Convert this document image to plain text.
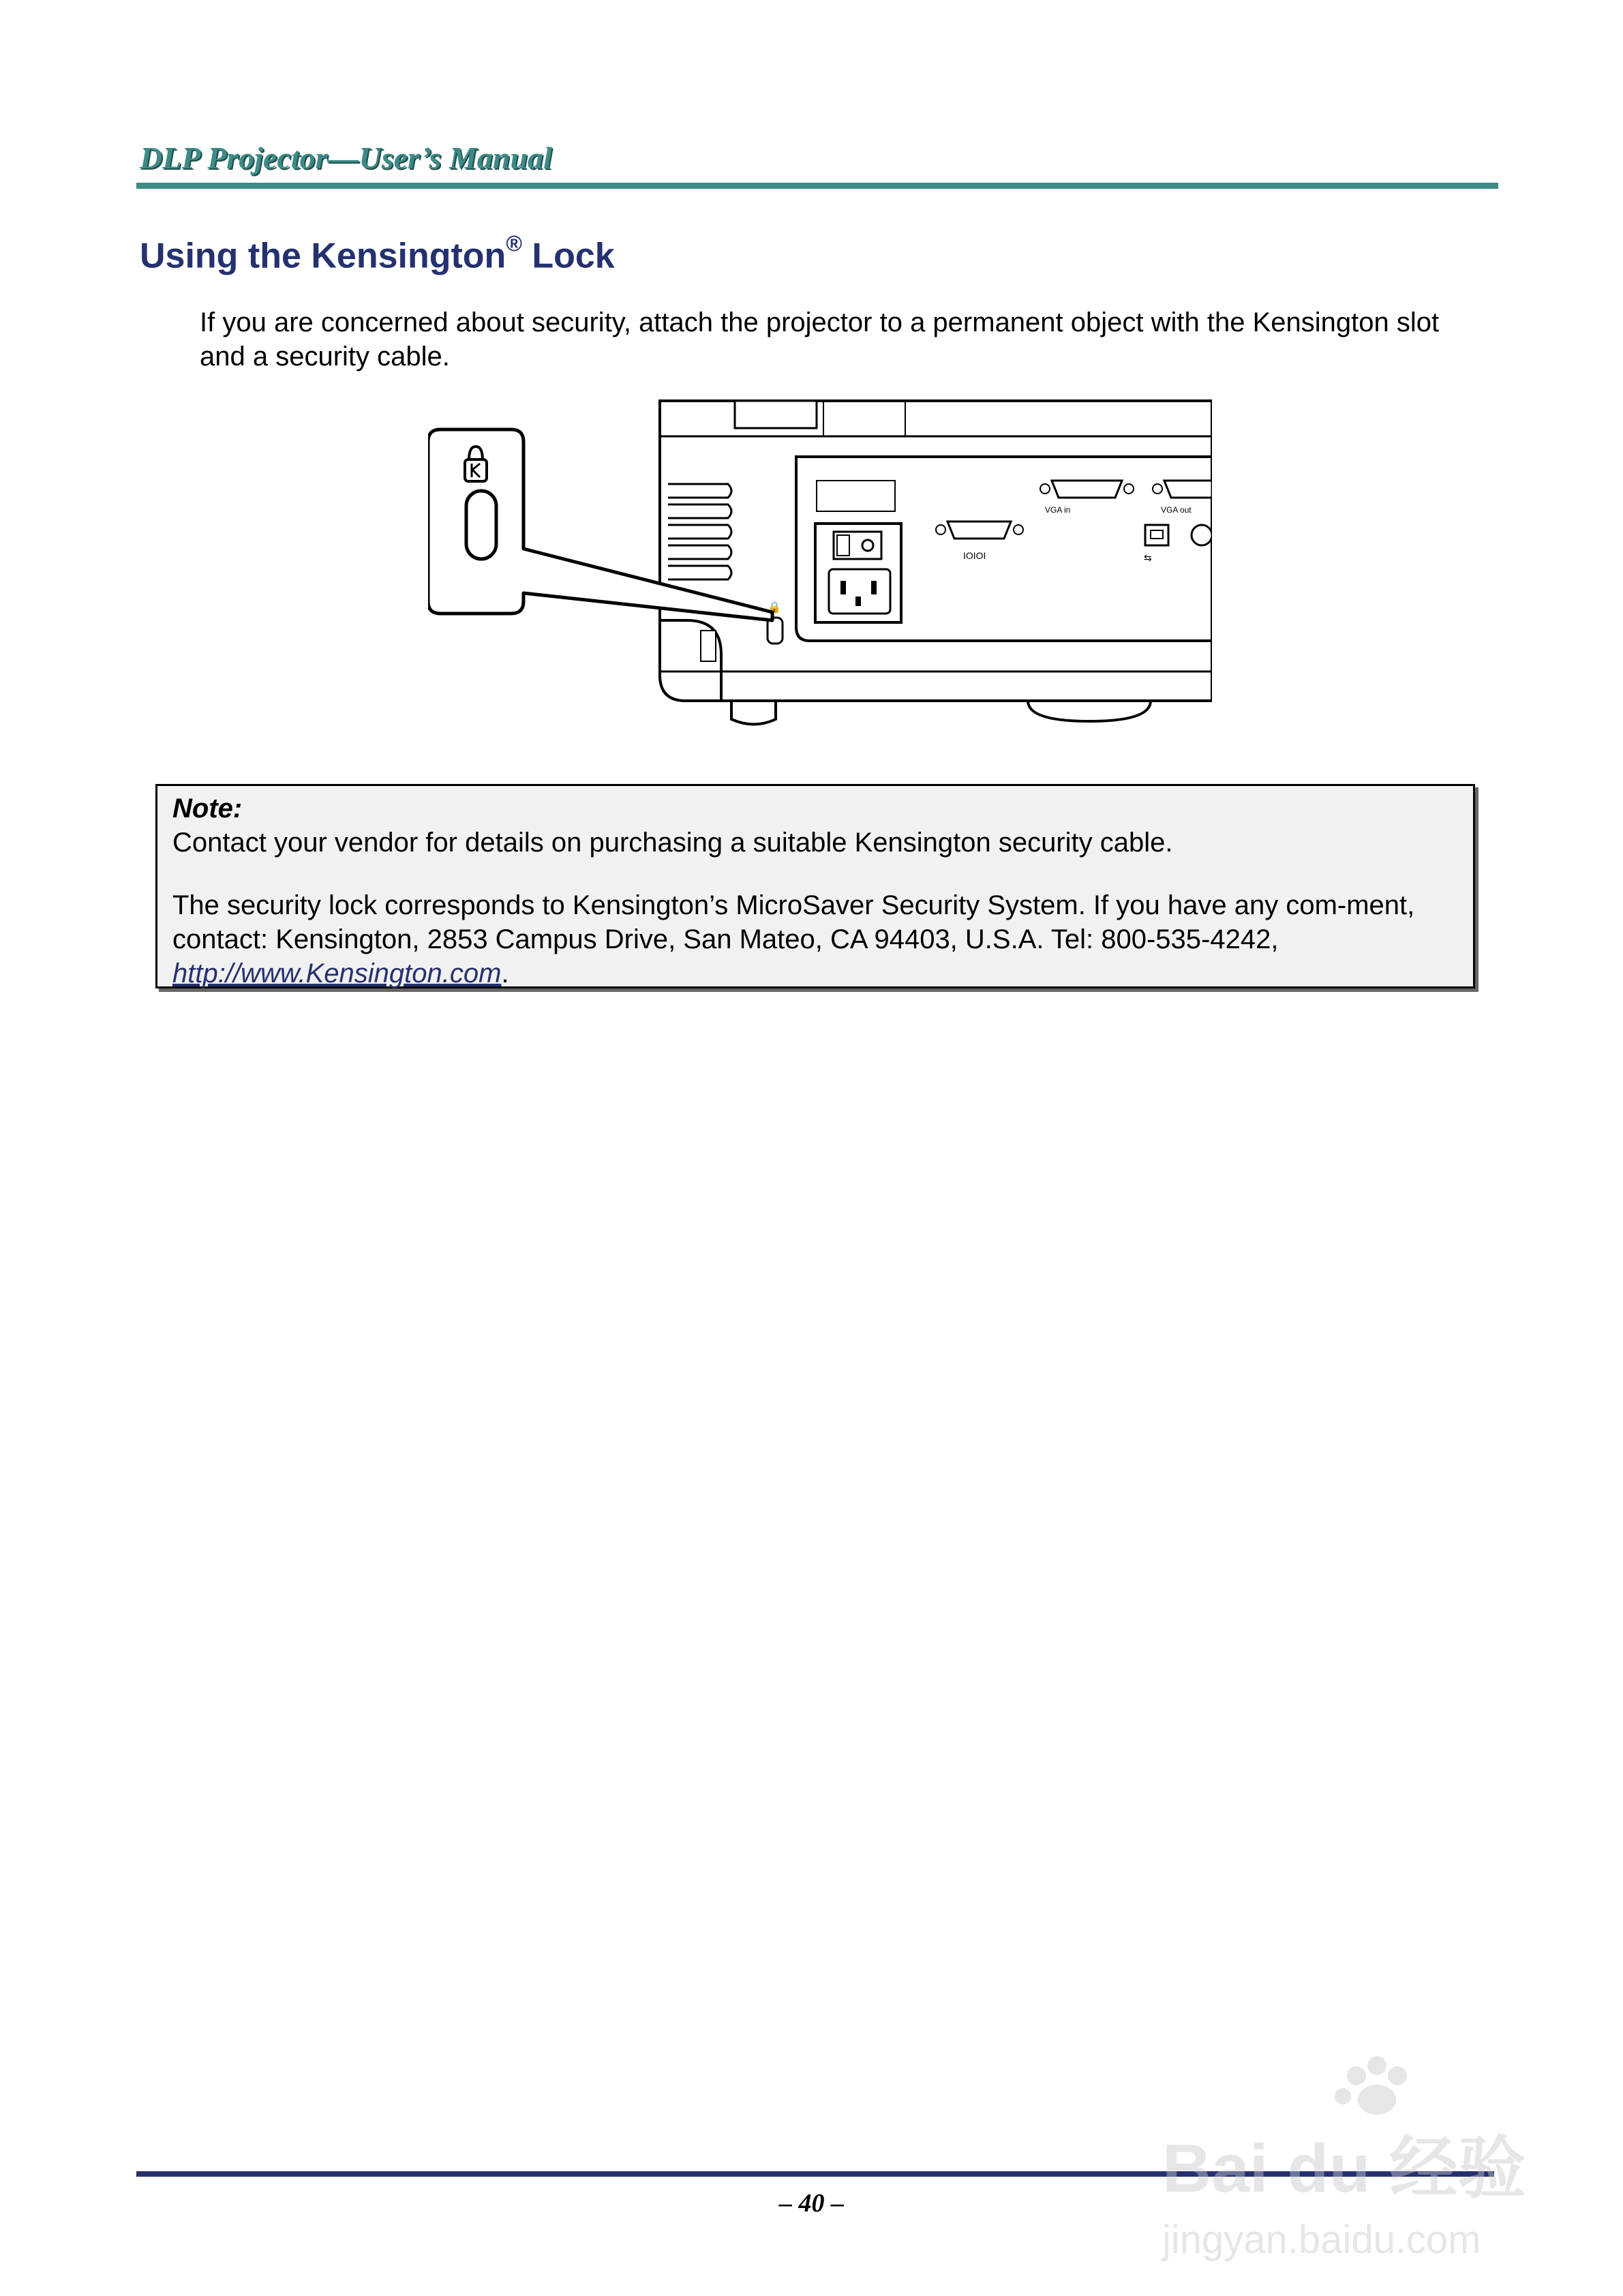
DLP Projector—User’s Manual
Using the Kensington® Lock
If you are concerned about security, attach the projector to a permanent object with the Kensington slot and a security cable.
IOIOI
VGA in	VGA out
⇆
🔒
Note:

Contact your vendor for details on purchasing a suitable Kensington security cable.

The security lock corresponds to Kensington’s MicroSaver Security System. If you have any com-ment, contact: Kensington, 2853 Campus Drive, San Mateo, CA 94403, U.S.A. Tel: 800-535-4242, http://www.Kensington.com.

– 40 –	Bai du 经验
jingyan.baidu.com
